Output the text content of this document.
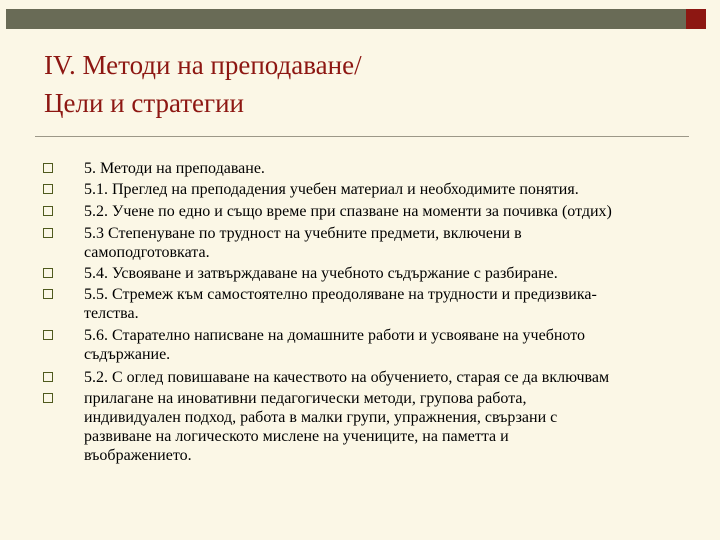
IV. Методи на преподаване/
Цели и стратегии
5. Методи на преподаване.
5.1. Преглед на преподадения учебен материал и необходимите понятия.
5.2. Учене по едно и също време при спазване на моменти за почивка (отдих)
5.3 Степенуване по трудност на учебните предмети, включени в
самоподготовката.
5.4. Усвояване и затвърждаване на учебното съдържание с разбиране.
5.5. Стремеж към самостоятелно преодоляване на трудности и предизвика-
телства.
5.6. Старателно написване на домашните работи и усвояване на учебното
съдържание.
5.2. С оглед повишаване на качеството на обучението, старая се да включвам
прилагане на иновативни педагогически методи, групова работа,
индивидуален подход, работа в малки групи, упражнения, свързани с
развиване на логическото мислене на учениците, на паметта и
въображението.
